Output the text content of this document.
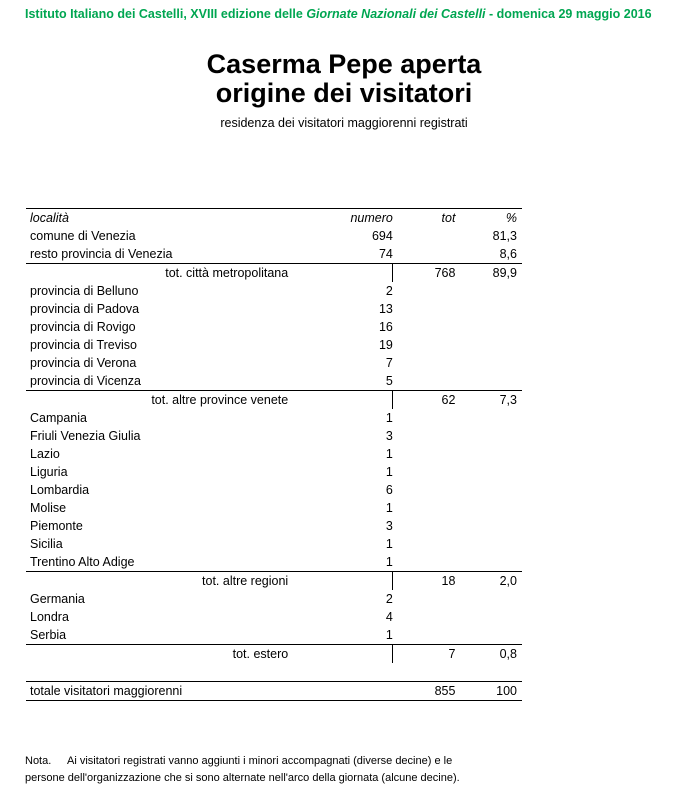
Istituto Italiano dei Castelli, XVIII edizione delle Giornate Nazionali dei Castelli - domenica 29 maggio 2016
Caserma Pepe aperta
origine dei visitatori
residenza dei visitatori maggiorenni registrati
località	numero	tot	%
comune di Venezia	694		81,3
resto provincia di Venezia	74		8,6
tot. città metropolitana		768	89,9
provincia di Belluno	2		
provincia di Padova	13		
provincia di Rovigo	16		
provincia di Treviso	19		
provincia di Verona	7		
provincia di Vicenza	5		
tot. altre province venete		62	7,3
Campania	1		
Friuli Venezia Giulia	3		
Lazio	1		
Liguria	1		
Lombardia	6		
Molise	1		
Piemonte	3		
Sicilia	1		
Trentino Alto Adige	1		
tot. altre regioni		18	2,0
Germania	2		
Londra	4		
Serbia	1		
tot. estero		7	0,8

totale visitatori maggiorenni		855	100
Nota. Ai visitatori registrati vanno aggiunti i minori accompagnati (diverse decine) e le
persone dell'organizzazione che si sono alternate nell'arco della giornata (alcune decine).
